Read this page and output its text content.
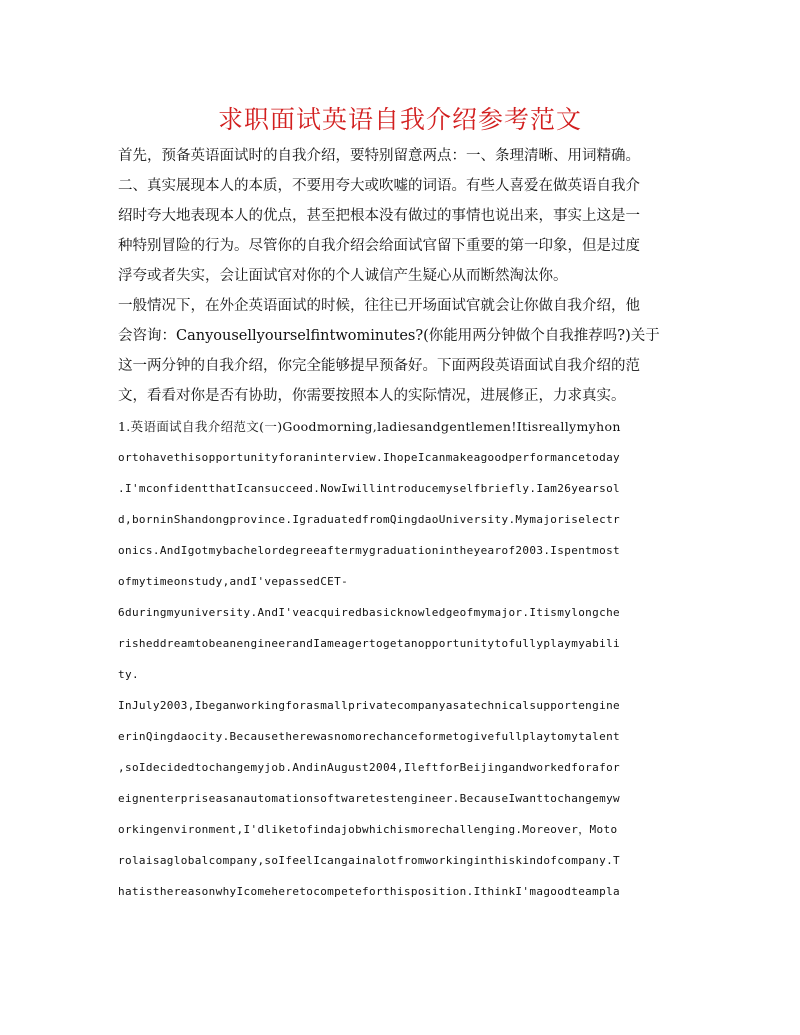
求职面试英语自我介绍参考范文

首先，预备英语面试时的自我介绍，要特别留意两点：一、条理清晰、用词精确。

二、真实展现本人的本质，不要用夸大或吹嘘的词语。有些人喜爱在做英语自我介

绍时夸大地表现本人的优点，甚至把根本没有做过的事情也说出来，事实上这是一

种特别冒险的行为。尽管你的自我介绍会给面试官留下重要的第一印象，但是过度

浮夸或者失实，会让面试官对你的个人诚信产生疑心从而断然淘汰你。

一般情况下，在外企英语面试的时候，往往已开场面试官就会让你做自我介绍，他

会咨询：Canyousellyourselfintwominutes?(你能用两分钟做个自我推荐吗?)关于

这一两分钟的自我介绍，你完全能够提早预备好。下面两段英语面试自我介绍的范

文，看看对你是否有协助，你需要按照本人的实际情况，进展修正，力求真实。

1.英语面试自我介绍范文(一)Goodmorning,ladiesandgentlemen!Itisreallymyhon

ortohavethisopportunityforaninterview.IhopeIcanmakeagoodperformancetoday

.I'mconfidentthatIcansucceed.NowIwillintroducemyselfbriefly.Iam26yearsol

d,borninShandongprovince.IgraduatedfromQingdaoUniversity.Mymajoriselectr

onics.AndIgotmybachelordegreeaftermygraduationintheyearof2003.Ispentmost

ofmytimeonstudy,andI'vepassedCET-

6duringmyuniversity.AndI'veacquiredbasicknowledgeofmymajor.Itismylongche

risheddreamtobeanengineerandIameagertogetanopportunitytofullyplaymyabili

ty.

InJuly2003,Ibeganworkingforasmallprivatecompanyasatechnicalsupportengine

erinQingdaocity.Becausetherewasnomorechanceformetogivefullplaytomytalent

,soIdecidedtochangemyjob.AndinAugust2004,IleftforBeijingandworkedforafor

eignenterpriseasanautomationsoftwaretestengineer.BecauseIwanttochangemyw

orkingenvironment,I'dliketofindajobwhichismorechallenging.Moreover，Moto

rolaisaglobalcompany,soIfeelIcangainalotfromworkinginthiskindofcompany.T

hatisthereasonwhyIcomeheretocompeteforthisposition.IthinkI'magoodteampla
